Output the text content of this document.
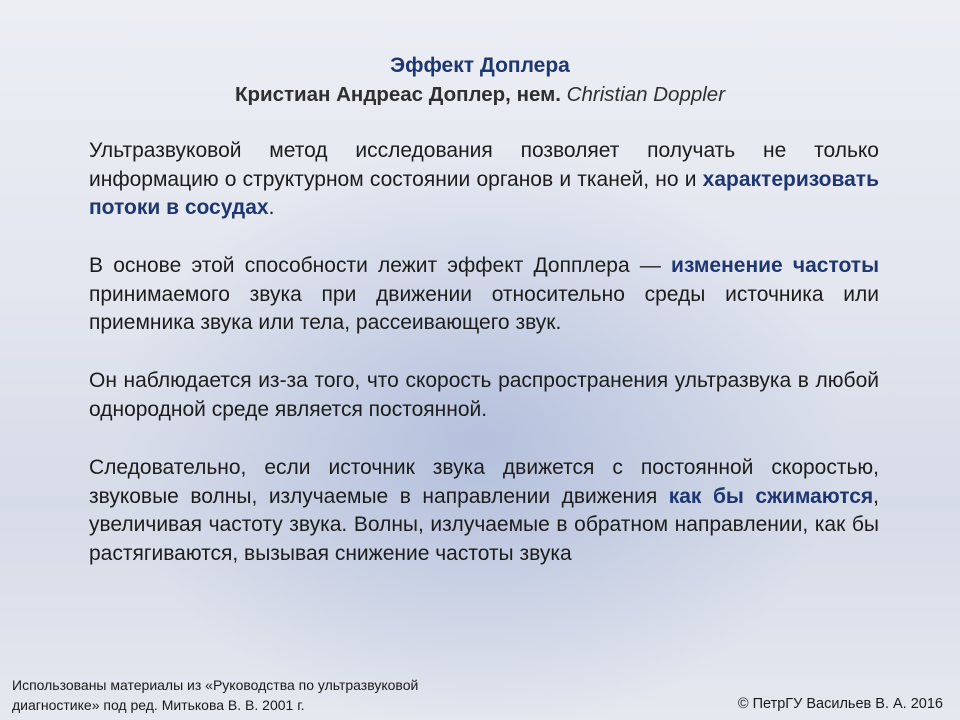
Эффект Доплера
Кристиан Андреас Доплер, нем. Christian Doppler
Ультразвуковой метод исследования позволяет получать не только информацию о структурном состоянии органов и тканей, но и характеризовать потоки в сосудах.
В основе этой способности лежит эффект Допплера — изменение частоты принимаемого звука при движении относительно среды источника или приемника звука или тела, рассеивающего звук.
Он наблюдается из-за того, что скорость распространения ультразвука в любой однородной среде является постоянной.
Следовательно, если источник звука движется с постоянной скоростью, звуковые волны, излучаемые в направлении движения как бы сжимаются, увеличивая частоту звука. Волны, излучаемые в обратном направлении, как бы растягиваются, вызывая снижение частоты звука
Использованы материалы из «Руководства по ультразвуковой
диагностике» под ред. Митькова В. В. 2001 г.	© ПетрГУ Васильев В. А. 2016
